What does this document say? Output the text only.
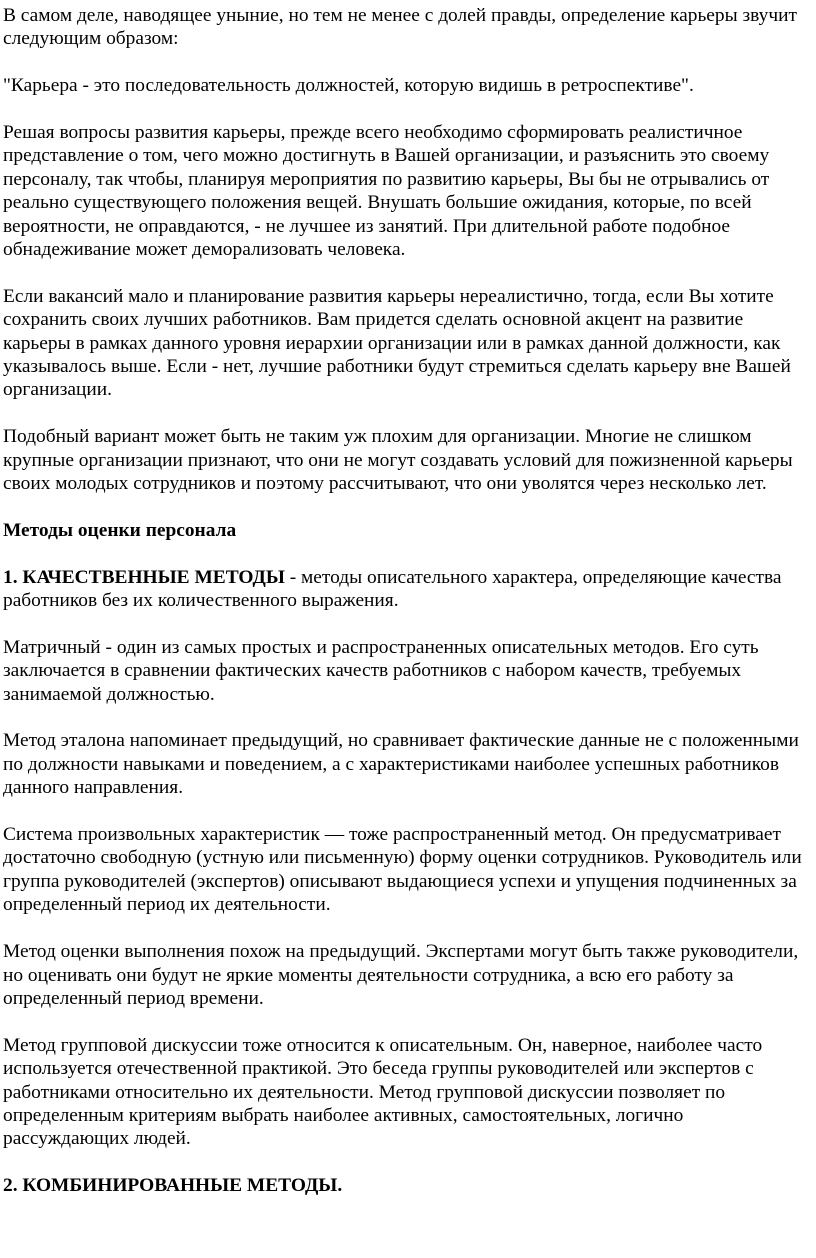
В самом деле, наводящее уныние, но тем не менее с долей правды, определение карьеры звучит следующим образом:

"Карьера - это последовательность должностей, которую видишь в ретроспективе".

Решая вопросы развития карьеры, прежде всего необходимо сформировать реалистичное представление о том, чего можно достигнуть в Вашей организации, и разъяснить это своему персоналу, так чтобы, планируя мероприятия по развитию карьеры, Вы бы не отрывались от реально существующего положения вещей. Внушать большие ожидания, которые, по всей вероятности, не оправдаются, - не лучшее из занятий. При длительной работе подобное обнадеживание может деморализовать человека.

Если вакансий мало и планирование развития карьеры нереалистично, тогда, если Вы хотите сохранить своих лучших работников. Вам придется сделать основной акцент на развитие карьеры в рамках данного уровня иерархии организации или в рамках данной должности, как указывалось выше. Если - нет, лучшие работники будут стремиться сделать карьеру вне Вашей организации.

Подобный вариант может быть не таким уж плохим для организации. Многие не слишком крупные организации признают, что они не могут создавать условий для пожизненной карьеры своих молодых сотрудников и поэтому рассчитывают, что они уволятся через несколько лет.

Методы оценки персонала

1. КАЧЕСТВЕННЫЕ МЕТОДЫ - методы описательного характера, определяющие качества работников без их количественного выражения.

Матричный - один из самых простых и распространенных описательных методов. Его суть заключается в сравнении фактических качеств работников с набором качеств, требуемых занимаемой должностью.

Метод эталона напоминает предыдущий, но сравнивает фактические данные не с положенными по должности навыками и поведением, а с характеристиками наиболее успешных работников данного направления.

Система произвольных характеристик — тоже распространенный метод. Он предусматривает достаточно свободную (устную или письменную) форму оценки сотрудников. Руководитель или группа руководителей (экспертов) описывают выдающиеся успехи и упущения подчиненных за определенный период их деятельности.

Метод оценки выполнения похож на предыдущий. Экспертами могут быть также руководители, но оценивать они будут не яркие моменты деятельности сотрудника, а всю его работу за определенный период времени.

Метод групповой дискуссии тоже относится к описательным. Он, наверное, наиболее часто используется отечественной практикой. Это беседа группы руководителей или экспертов с работниками относительно их деятельности. Метод групповой дискуссии позволяет по определенным критериям выбрать наиболее активных, самостоятельных, логично рассуждающих людей.

2. КОМБИНИРОВАННЫЕ МЕТОДЫ.
